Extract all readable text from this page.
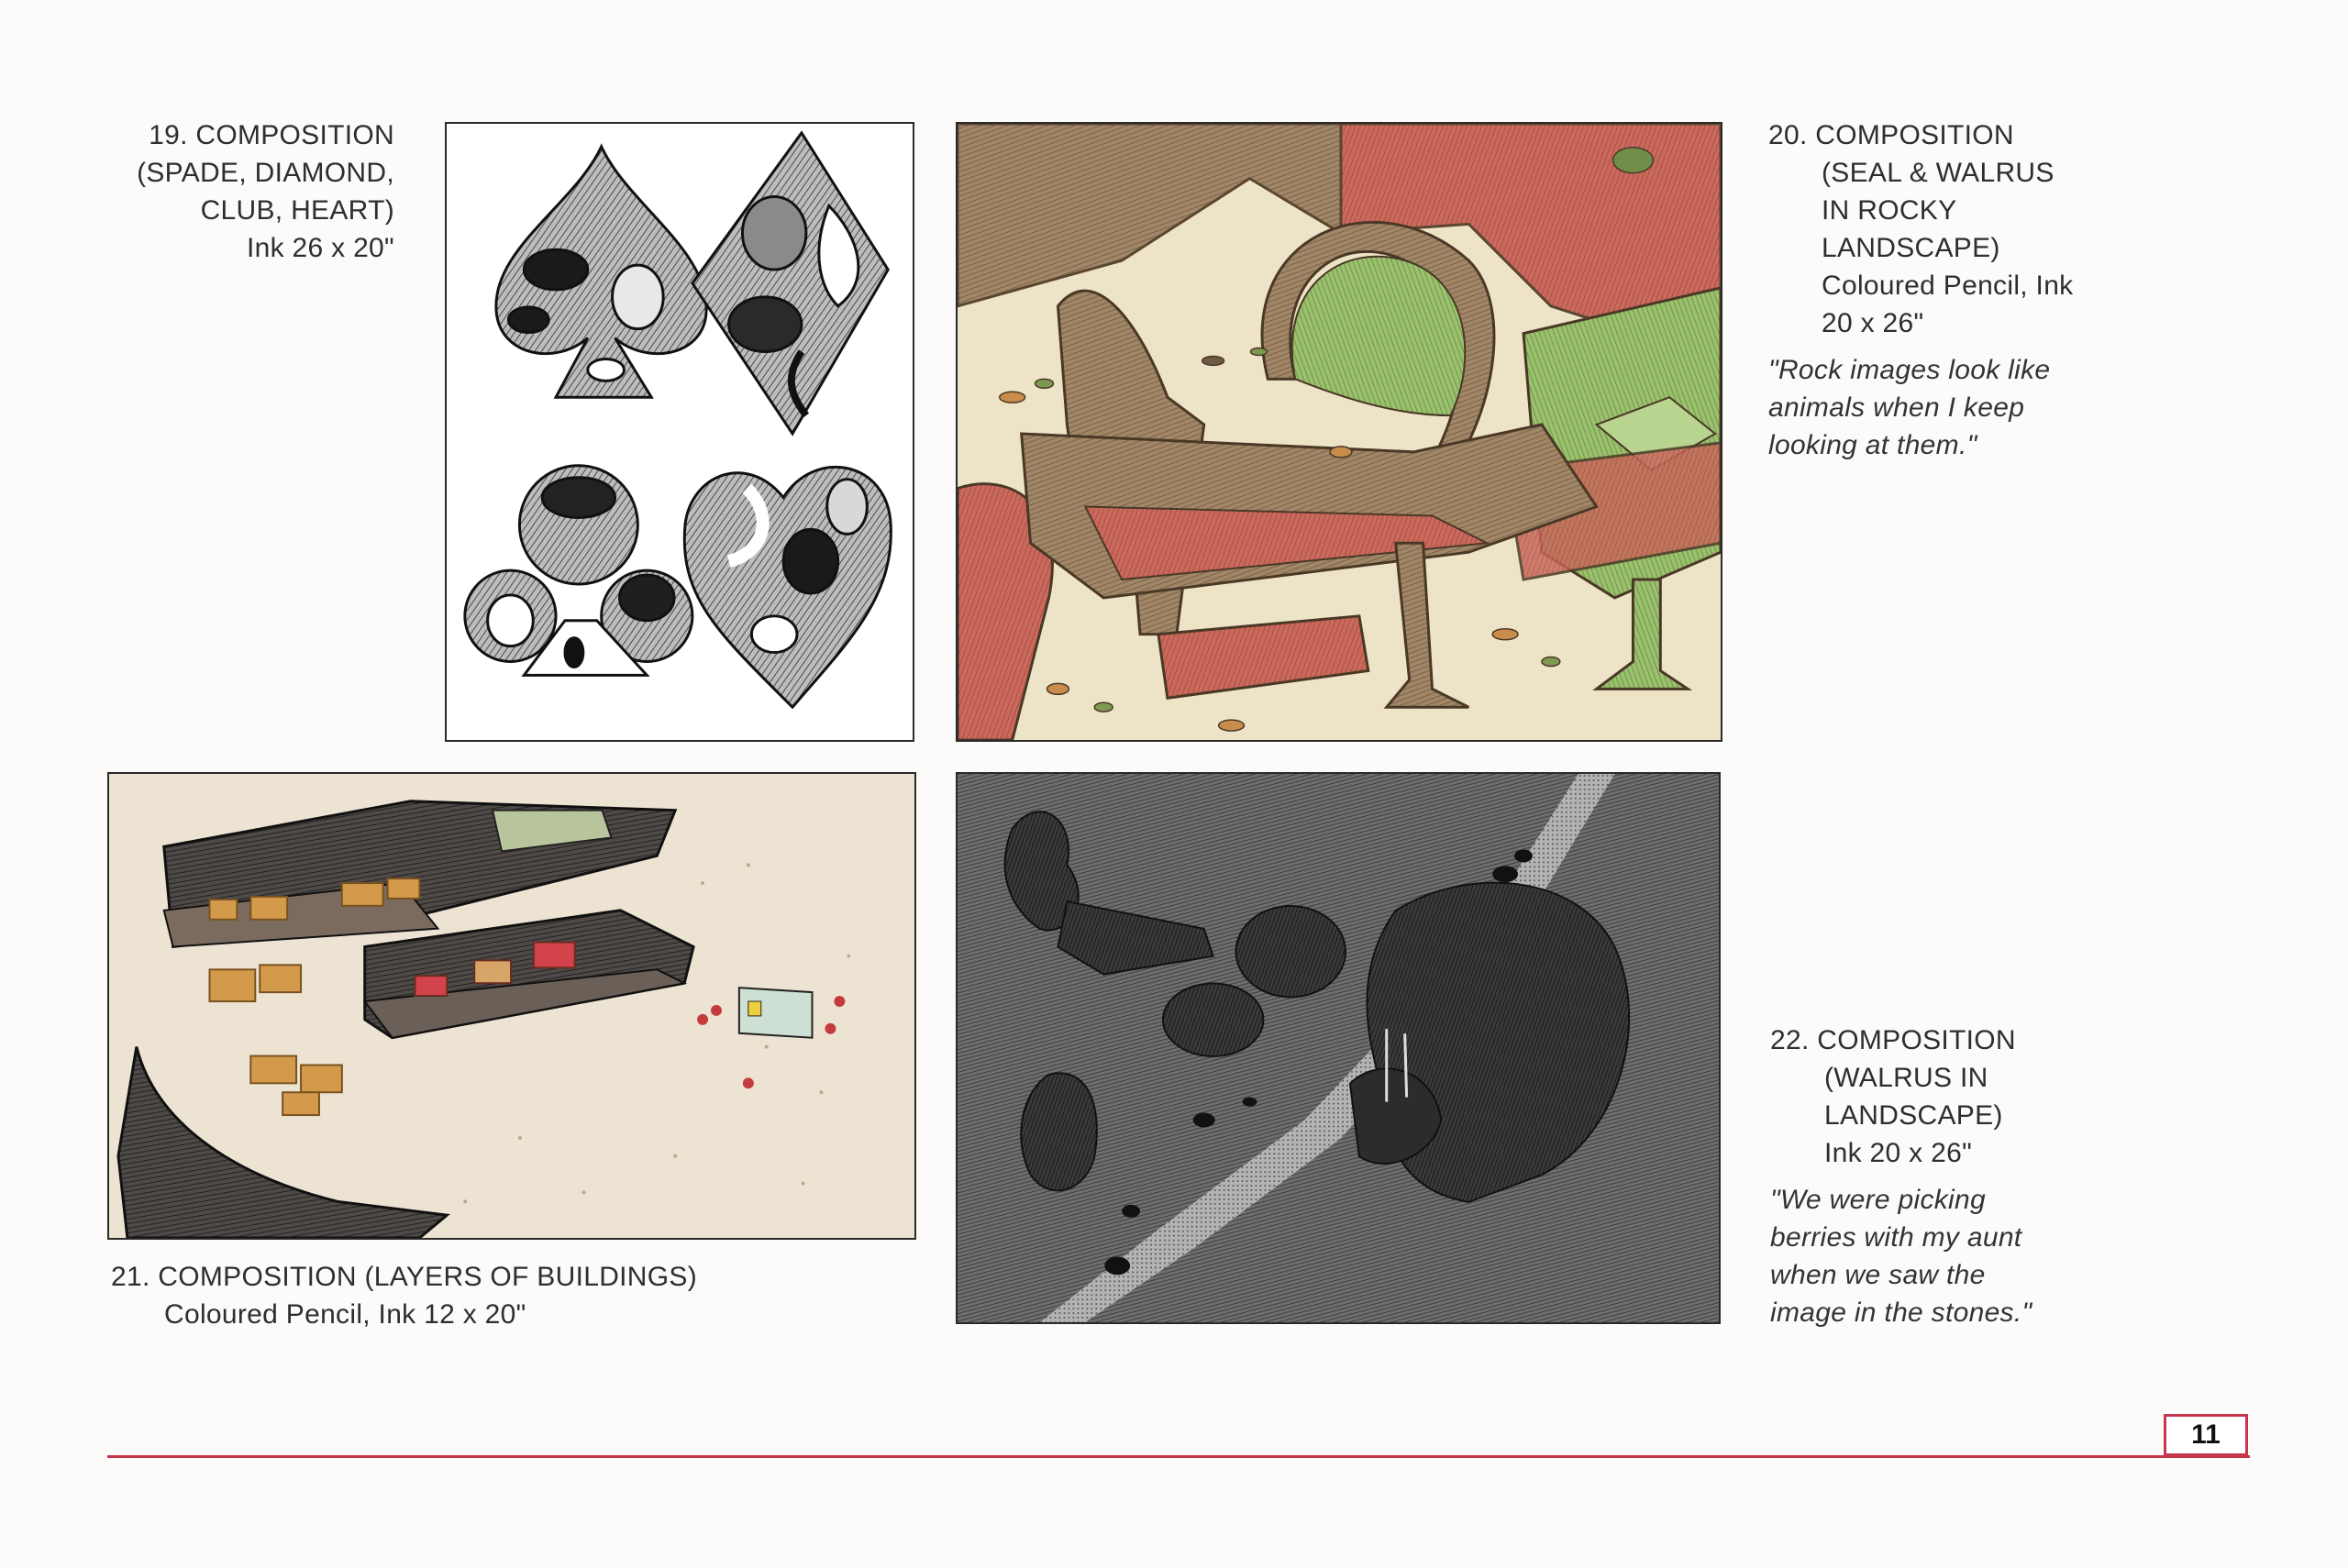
19. COMPOSITION
(SPADE, DIAMOND,
CLUB, HEART)
Ink 26 x 20"
20. COMPOSITION
(SEAL & WALRUS
IN ROCKY
LANDSCAPE)
Coloured Pencil, Ink
20 x 26"
"Rock images look like
animals when I keep
looking at them."
21. COMPOSITION (LAYERS OF BUILDINGS)
Coloured Pencil, Ink 12 x 20"
22. COMPOSITION
(WALRUS IN
LANDSCAPE)
Ink 20 x 26"
"We were picking
berries with my aunt
when we saw the
image in the stones."
11
